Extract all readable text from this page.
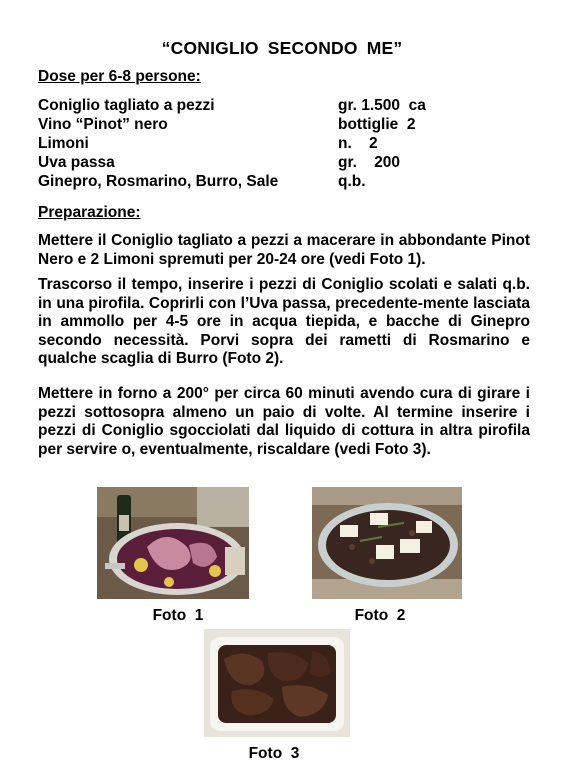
“CONIGLIO SECONDO ME”
Dose per 6-8 persone:
Coniglio tagliato a pezzi	gr. 1.500  ca
Vino “Pinot” nero	bottiglie  2
Limoni	n.    2
Uva passa	gr.    200
Ginepro, Rosmarino, Burro, Sale	q.b.
Preparazione:

Mettere il Coniglio tagliato a pezzi a macerare in abbondante Pinot Nero e 2 Limoni spremuti per 20-24 ore (vedi Foto 1).

Trascorso il tempo, inserire i pezzi di Coniglio scolati e salati q.b. in una pirofila. Coprirli con l’Uva passa, precedente-mente lasciata in ammollo per 4-5 ore in acqua tiepida, e bacche di Ginepro secondo necessità. Porvi sopra dei rametti di Rosmarino e qualche scaglia di Burro (Foto 2).

Mettere in forno a 200° per circa 60 minuti avendo cura di girare i pezzi sottosopra almeno un paio di volte. Al termine inserire i pezzi di Coniglio sgocciolati dal liquido di cottura in altra pirofila per servire o, eventualmente, riscaldare (vedi Foto 3).

Foto  1	Foto  2
Foto  3
